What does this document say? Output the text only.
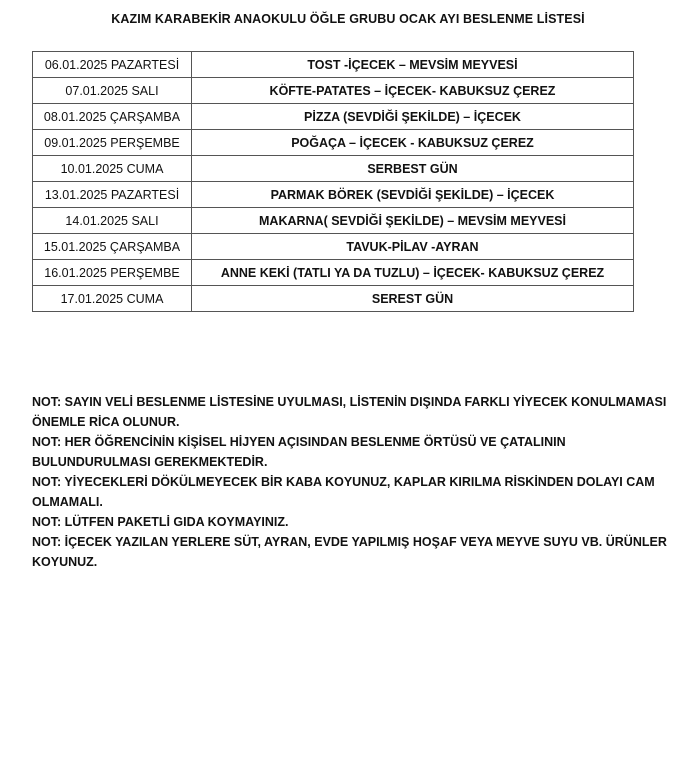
KAZIM KARABEKİR ANAOKULU ÖĞLE GRUBU OCAK AYI BESLENME LİSTESİ
06.01.2025 PAZARTESİ	TOST -İÇECEK – MEVSİM MEYVESİ
07.01.2025 SALI	KÖFTE-PATATES – İÇECEK- KABUKSUZ ÇEREZ
08.01.2025 ÇARŞAMBA	PİZZA (SEVDİĞİ ŞEKİLDE) – İÇECEK
09.01.2025 PERŞEMBE	POĞAÇA – İÇECEK - KABUKSUZ ÇEREZ
10.01.2025 CUMA	SERBEST GÜN
13.01.2025 PAZARTESİ	PARMAK BÖREK (SEVDİĞİ ŞEKİLDE) – İÇECEK
14.01.2025 SALI	MAKARNA( SEVDİĞİ ŞEKİLDE) – MEVSİM MEYVESİ
15.01.2025 ÇARŞAMBA	TAVUK-PİLAV -AYRAN
16.01.2025 PERŞEMBE	ANNE KEKİ (TATLI YA DA TUZLU) – İÇECEK- KABUKSUZ ÇEREZ
17.01.2025 CUMA	SEREST GÜN

NOT: SAYIN VELİ BESLENME LİSTESİNE UYULMASI, LİSTENİN DIŞINDA FARKLI YİYECEK KONULMAMASI

ÖNEMLE RİCA OLUNUR.

NOT: HER ÖĞRENCİNİN KİŞİSEL HİJYEN AÇISINDAN BESLENME ÖRTÜSÜ VE ÇATALININ

BULUNDURULMASI GEREKMEKTEDİR.

NOT: YİYECEKLERİ DÖKÜLMEYECEK BİR KABA KOYUNUZ, KAPLAR KIRILMA RİSKİNDEN DOLAYI CAM

OLMAMALI.

NOT: LÜTFEN PAKETLİ GIDA KOYMAYINIZ.

NOT: İÇECEK YAZILAN YERLERE SÜT, AYRAN, EVDE YAPILMIŞ HOŞAF VEYA MEYVE SUYU VB. ÜRÜNLER

KOYUNUZ.
